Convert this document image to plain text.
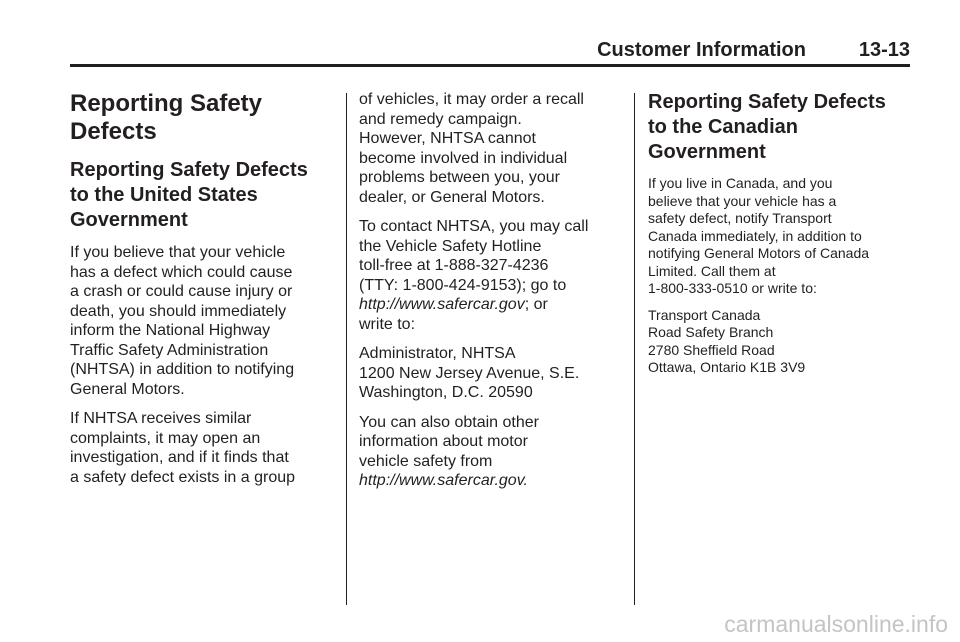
Customer Information	13-13
Reporting Safety
Defects
Reporting Safety Defects
to the United States
Government

If you believe that your vehicle
has a defect which could cause
a crash or could cause injury or
death, you should immediately
inform the National Highway
Traffic Safety Administration
(NHTSA) in addition to notifying
General Motors.

If NHTSA receives similar
complaints, it may open an
investigation, and if it finds that
a safety defect exists in a group

of vehicles, it may order a recall
and remedy campaign.
However, NHTSA cannot
become involved in individual
problems between you, your
dealer, or General Motors.

To contact NHTSA, you may call
the Vehicle Safety Hotline
toll-free at 1-888-327-4236
(TTY: 1-800-424-9153); go to
http://www.safercar.gov; or
write to:

Administrator, NHTSA
1200 New Jersey Avenue, S.E.
Washington, D.C. 20590

You can also obtain other
information about motor
vehicle safety from
http://www.safercar.gov.

Reporting Safety Defects
to the Canadian
Government

If you live in Canada, and you
believe that your vehicle has a
safety defect, notify Transport
Canada immediately, in addition to
notifying General Motors of Canada
Limited. Call them at
1-800-333-0510 or write to:

Transport Canada
Road Safety Branch
2780 Sheffield Road
Ottawa, Ontario K1B 3V9

carmanualsonline.info
